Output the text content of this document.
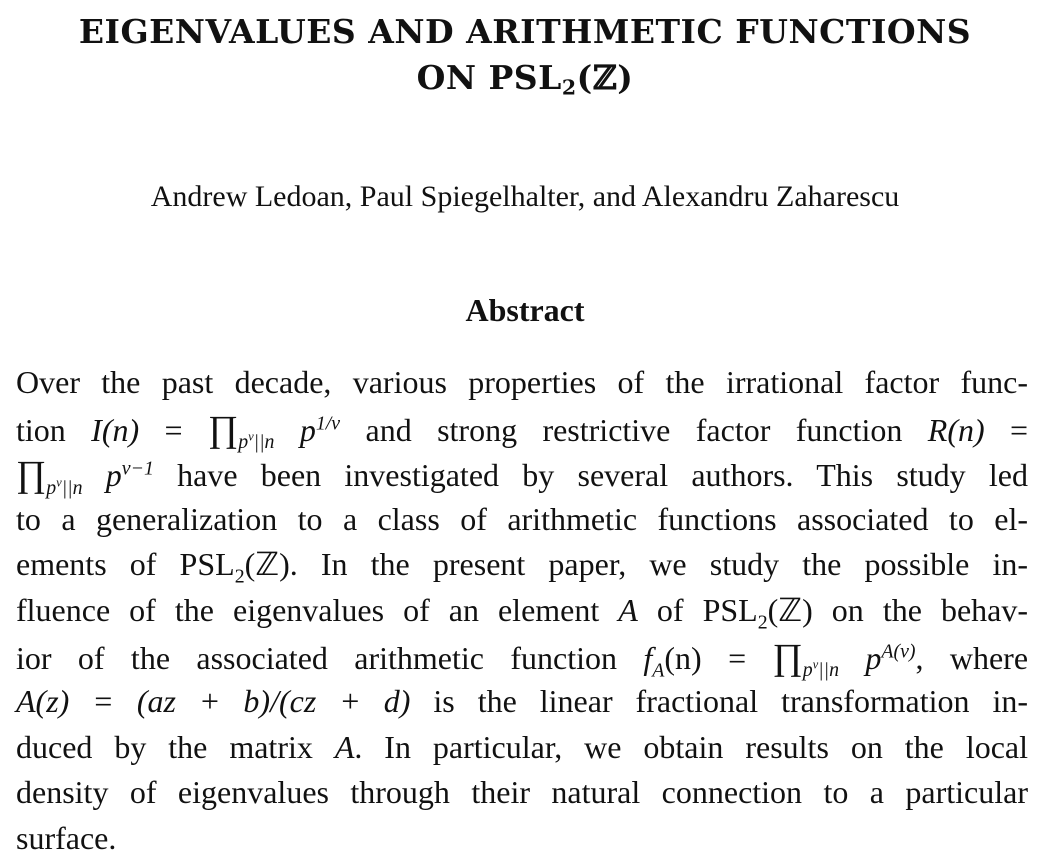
EIGENVALUES AND ARITHMETIC FUNCTIONS
ON $PSL_2(ℤ)$
Andrew Ledoan, Paul Spiegelhalter, and Alexandru Zaharescu
Abstract
Over the past decade, various properties of the irrational factor func-
tion $I(n) = \prod_{p^\nu||n}$ $p^{1/\nu}$ and strong restrictive factor function R(n) =
$\prod_{p^\nu||n}$ $p^{\nu-1}$ have been investigated by several authors. This study led
to a generalization to a class of arithmetic functions associated to el-
ements of $PSL_2(ℤ)$. In the present paper, we study the possible in-
fluence of the eigenvalues of an element A of $PSL_2(ℤ)$ on the behav-
ior of the associated arithmetic function $f_A(n)$ = $\prod_{p^\nu||n}$ $p^{A(\nu)}$, where
A(z) = (az + b)/(cz + d) is the linear fractional transformation in-
duced by the matrix A. In particular, we obtain results on the local
density of eigenvalues through their natural connection to a particular
surface.
